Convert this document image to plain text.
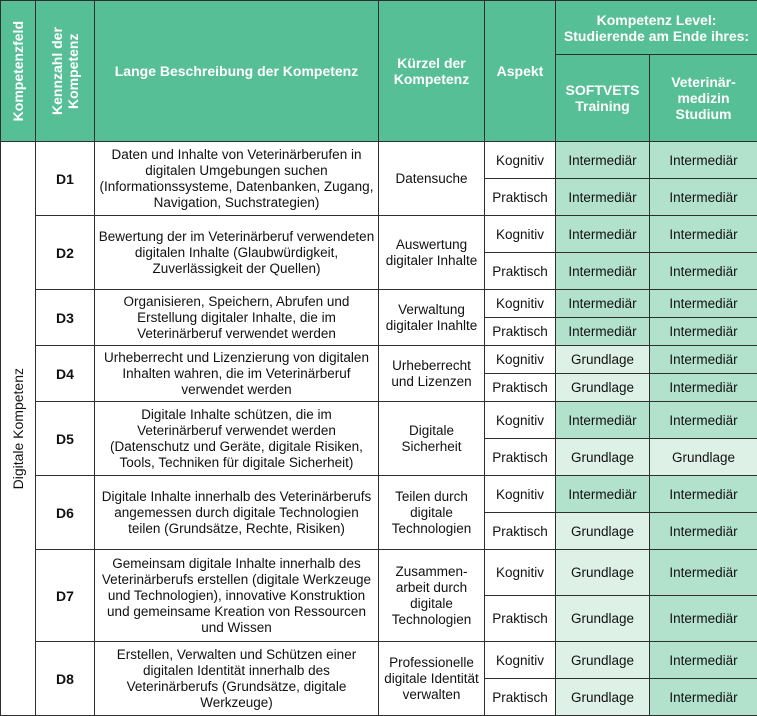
Kompetenzfeld	Kennzahl der Kompetenz	Lange Beschreibung der Kompetenz	Kürzel der Kompetenz	Aspekt	Kompetenz Level: Studierende am Ende ihres:	
					SOFTVETS Training	Veterinär-medizin Studium

Digitale Kompetenz	D1	Daten und Inhalte von Veterinärberufen in digitalen Umgebungen suchen (Informationssysteme, Datenbanken, Zugang, Navigation, Suchstrategien)	Datensuche	Kognitiv	Intermediär	Intermediär
				Praktisch	Intermediär	Intermediär
	D2	Bewertung der im Veterinärberuf verwendeten digitalen Inhalte (Glaubwürdigkeit, Zuverlässigkeit der Quellen)	Auswertung digitaler Inhalte	Kognitiv	Intermediär	Intermediär
				Praktisch	Intermediär	Intermediär
	D3	Organisieren, Speichern, Abrufen und Erstellung digitaler Inhalte, die im Veterinärberuf verwendet werden	Verwaltung digitaler Inahlte	Kognitiv	Intermediär	Intermediär
				Praktisch	Intermediär	Intermediär
	D4	Urheberrecht und Lizenzierung von digitalen Inhalten wahren, die im Veterinärberuf verwendet werden	Urheberrecht und Lizenzen	Kognitiv	Grundlage	Intermediär
				Praktisch	Grundlage	Intermediär
	D5	Digitale Inhalte schützen, die im Veterinärberuf verwendet werden (Datenschutz und Geräte, digitale Risiken, Tools, Techniken für digitale Sicherheit)	Digitale Sicherheit	Kognitiv	Intermediär	Intermediär
				Praktisch	Grundlage	Grundlage
	D6	Digitale Inhalte innerhalb des Veterinärberufs angemessen durch digitale Technologien teilen (Grundsätze, Rechte, Risiken)	Teilen durch digitale Technologien	Kognitiv	Intermediär	Intermediär
				Praktisch	Grundlage	Intermediär
	D7	Gemeinsam digitale Inhalte innerhalb des Veterinärberufs erstellen (digitale Werkzeuge und Technologien), innovative Konstruktion und gemeinsame Kreation von Ressourcen und Wissen	Zusammen-arbeit durch digitale Technologien	Kognitiv	Grundlage	Intermediär
				Praktisch	Grundlage	Intermediär
	D8	Erstellen, Verwalten und Schützen einer digitalen Identität innerhalb des Veterinärberufs (Grundsätze, digitale Werkzeuge)	Professionelle digitale Identität verwalten	Kognitiv	Grundlage	Intermediär
				Praktisch	Grundlage	Intermediär
